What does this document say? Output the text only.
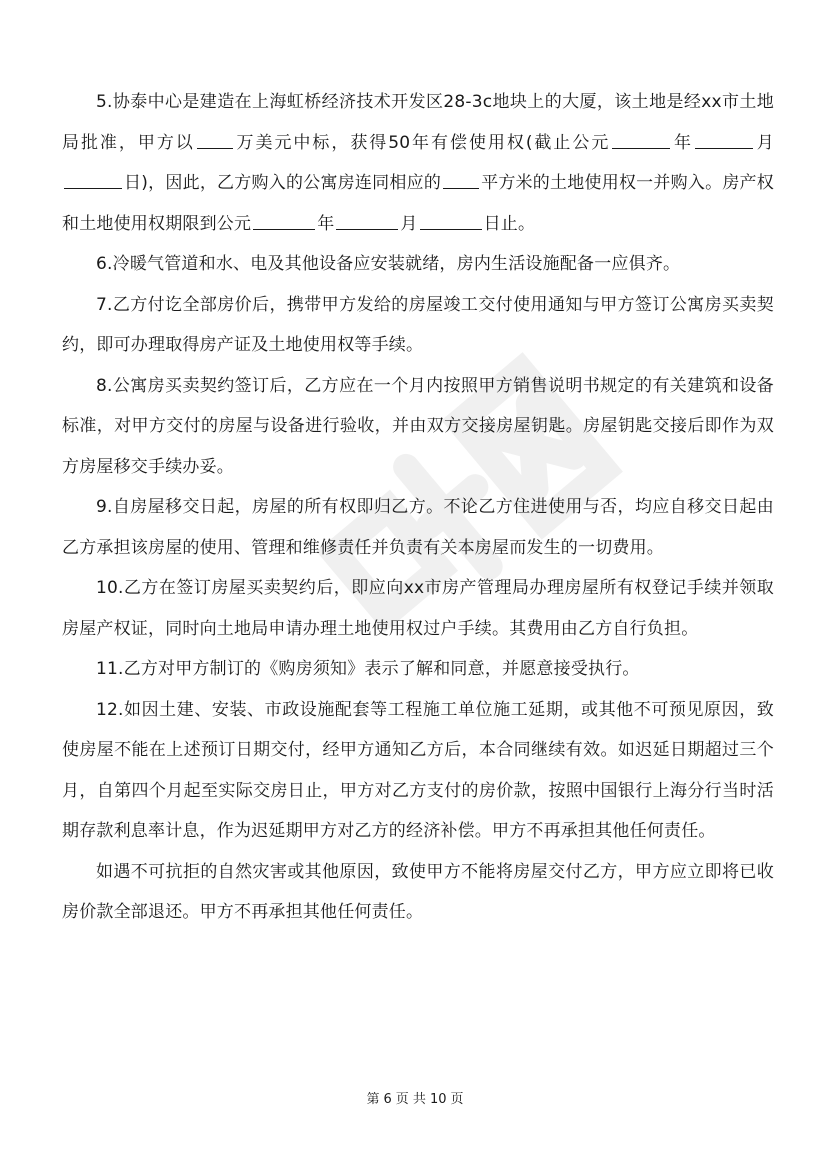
5.协泰中心是建造在上海虹桥经济技术开发区28-3c地块上的大厦，该土地是经xx市土地局批准，甲方以 万美元中标，获得50年有偿使用权(截止公元	年	月日)，因此，乙方购入的公寓房连同相应的 平方米的土地使用权一并购入。房产权和土地使用权期限到公元	年	月	日止。

6.冷暖气管道和水、电及其他设备应安装就绪，房内生活设施配备一应俱齐。

7.乙方付讫全部房价后，携带甲方发给的房屋竣工交付使用通知与甲方签订公寓房买卖契约，即可办理取得房产证及土地使用权等手续。

8.公寓房买卖契约签订后，乙方应在一个月内按照甲方销售说明书规定的有关建筑和设备标准，对甲方交付的房屋与设备进行验收，并由双方交接房屋钥匙。房屋钥匙交接后即作为双方房屋移交手续办妥。

9.自房屋移交日起，房屋的所有权即归乙方。不论乙方住进使用与否，均应自移交日起由乙方承担该房屋的使用、管理和维修责任并负责有关本房屋而发生的一切费用。

10.乙方在签订房屋买卖契约后，即应向xx市房产管理局办理房屋所有权登记手续并领取房屋产权证，同时向土地局申请办理土地使用权过户手续。其费用由乙方自行负担。

11.乙方对甲方制订的《购房须知》表示了解和同意，并愿意接受执行。

12.如因土建、安装、市政设施配套等工程施工单位施工延期，或其他不可预见原因，致使房屋不能在上述预订日期交付，经甲方通知乙方后，本合同继续有效。如迟延日期超过三个月，自第四个月起至实际交房日止，甲方对乙方支付的房价款，按照中国银行上海分行当时活期存款利息率计息，作为迟延期甲方对乙方的经济补偿。甲方不再承担其他任何责任。

如遇不可抗拒的自然灾害或其他原因，致使甲方不能将房屋交付乙方，甲方应立即将已收房价款全部退还。甲方不再承担其他任何责任。

第 6 页 共 10 页
